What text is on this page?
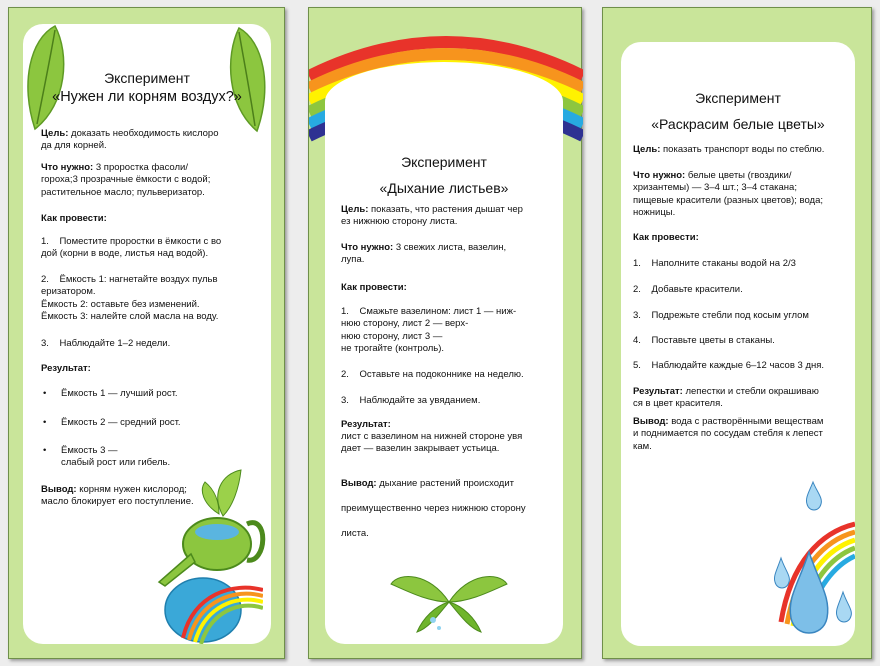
Эксперимент
«Нужен ли корням воздух?»
Цель: доказать необходимость кислоро
да для корней.
Что нужно: 3 проростка фасоли/
гороха;3 прозрачные ёмкости с водой;
растительное масло; пульверизатор.
Как провести:
1.    Поместите проростки в ёмкости с во
дой (корни в воде, листья над водой).
2.    Ёмкость 1: нагнетайте воздух пульв
еризатором.
Ёмкость 2: оставьте без изменений.
Ёмкость 3: налейте слой масла на воду.
3.    Наблюдайте 1–2 недели.
Результат:
• Ёмкость 1 — лучший рост.
• Ёмкость 2 — средний рост.
• Ёмкость 3 —
слабый рост или гибель.
Вывод: корням нужен кислород;
масло блокирует его поступление.
Эксперимент
«Дыхание листьев»
Цель: показать, что растения дышат чер
ез нижнюю сторону листа.
Что нужно: 3 свежих листа, вазелин,
лупа.
Как провести:
1.    Смажьте вазелином: лист 1 — ниж-
нюю сторону, лист 2 — верх-
нюю сторону, лист 3 —
не трогайте (контроль).
2.    Оставьте на подоконнике на неделю.
3.    Наблюдайте за увяданием.
Результат:
лист с вазелином на нижней стороне увя
дает — вазелин закрывает устьица.
Вывод: дыхание растений происходит
преимущественно через нижнюю сторону
листа.
Эксперимент
«Раскрасим белые цветы»
Цель: показать транспорт воды по стеблю.
Что нужно: белые цветы (гвоздики/
хризантемы) — 3–4 шт.; 3–4 стакана;
пищевые красители (разных цветов); вода;
ножницы.
Как провести:
1.    Наполните стаканы водой на 2/3
2.    Добавьте красители.
3.    Подрежьте стебли под косым углом
4.    Поставьте цветы в стаканы.
5.    Наблюдайте каждые 6–12 часов 3 дня.
Результат: лепестки и стебли окрашиваю
ся в цвет красителя.
Вывод: вода с растворёнными веществам
и поднимается по сосудам стебля к лепест
кам.
